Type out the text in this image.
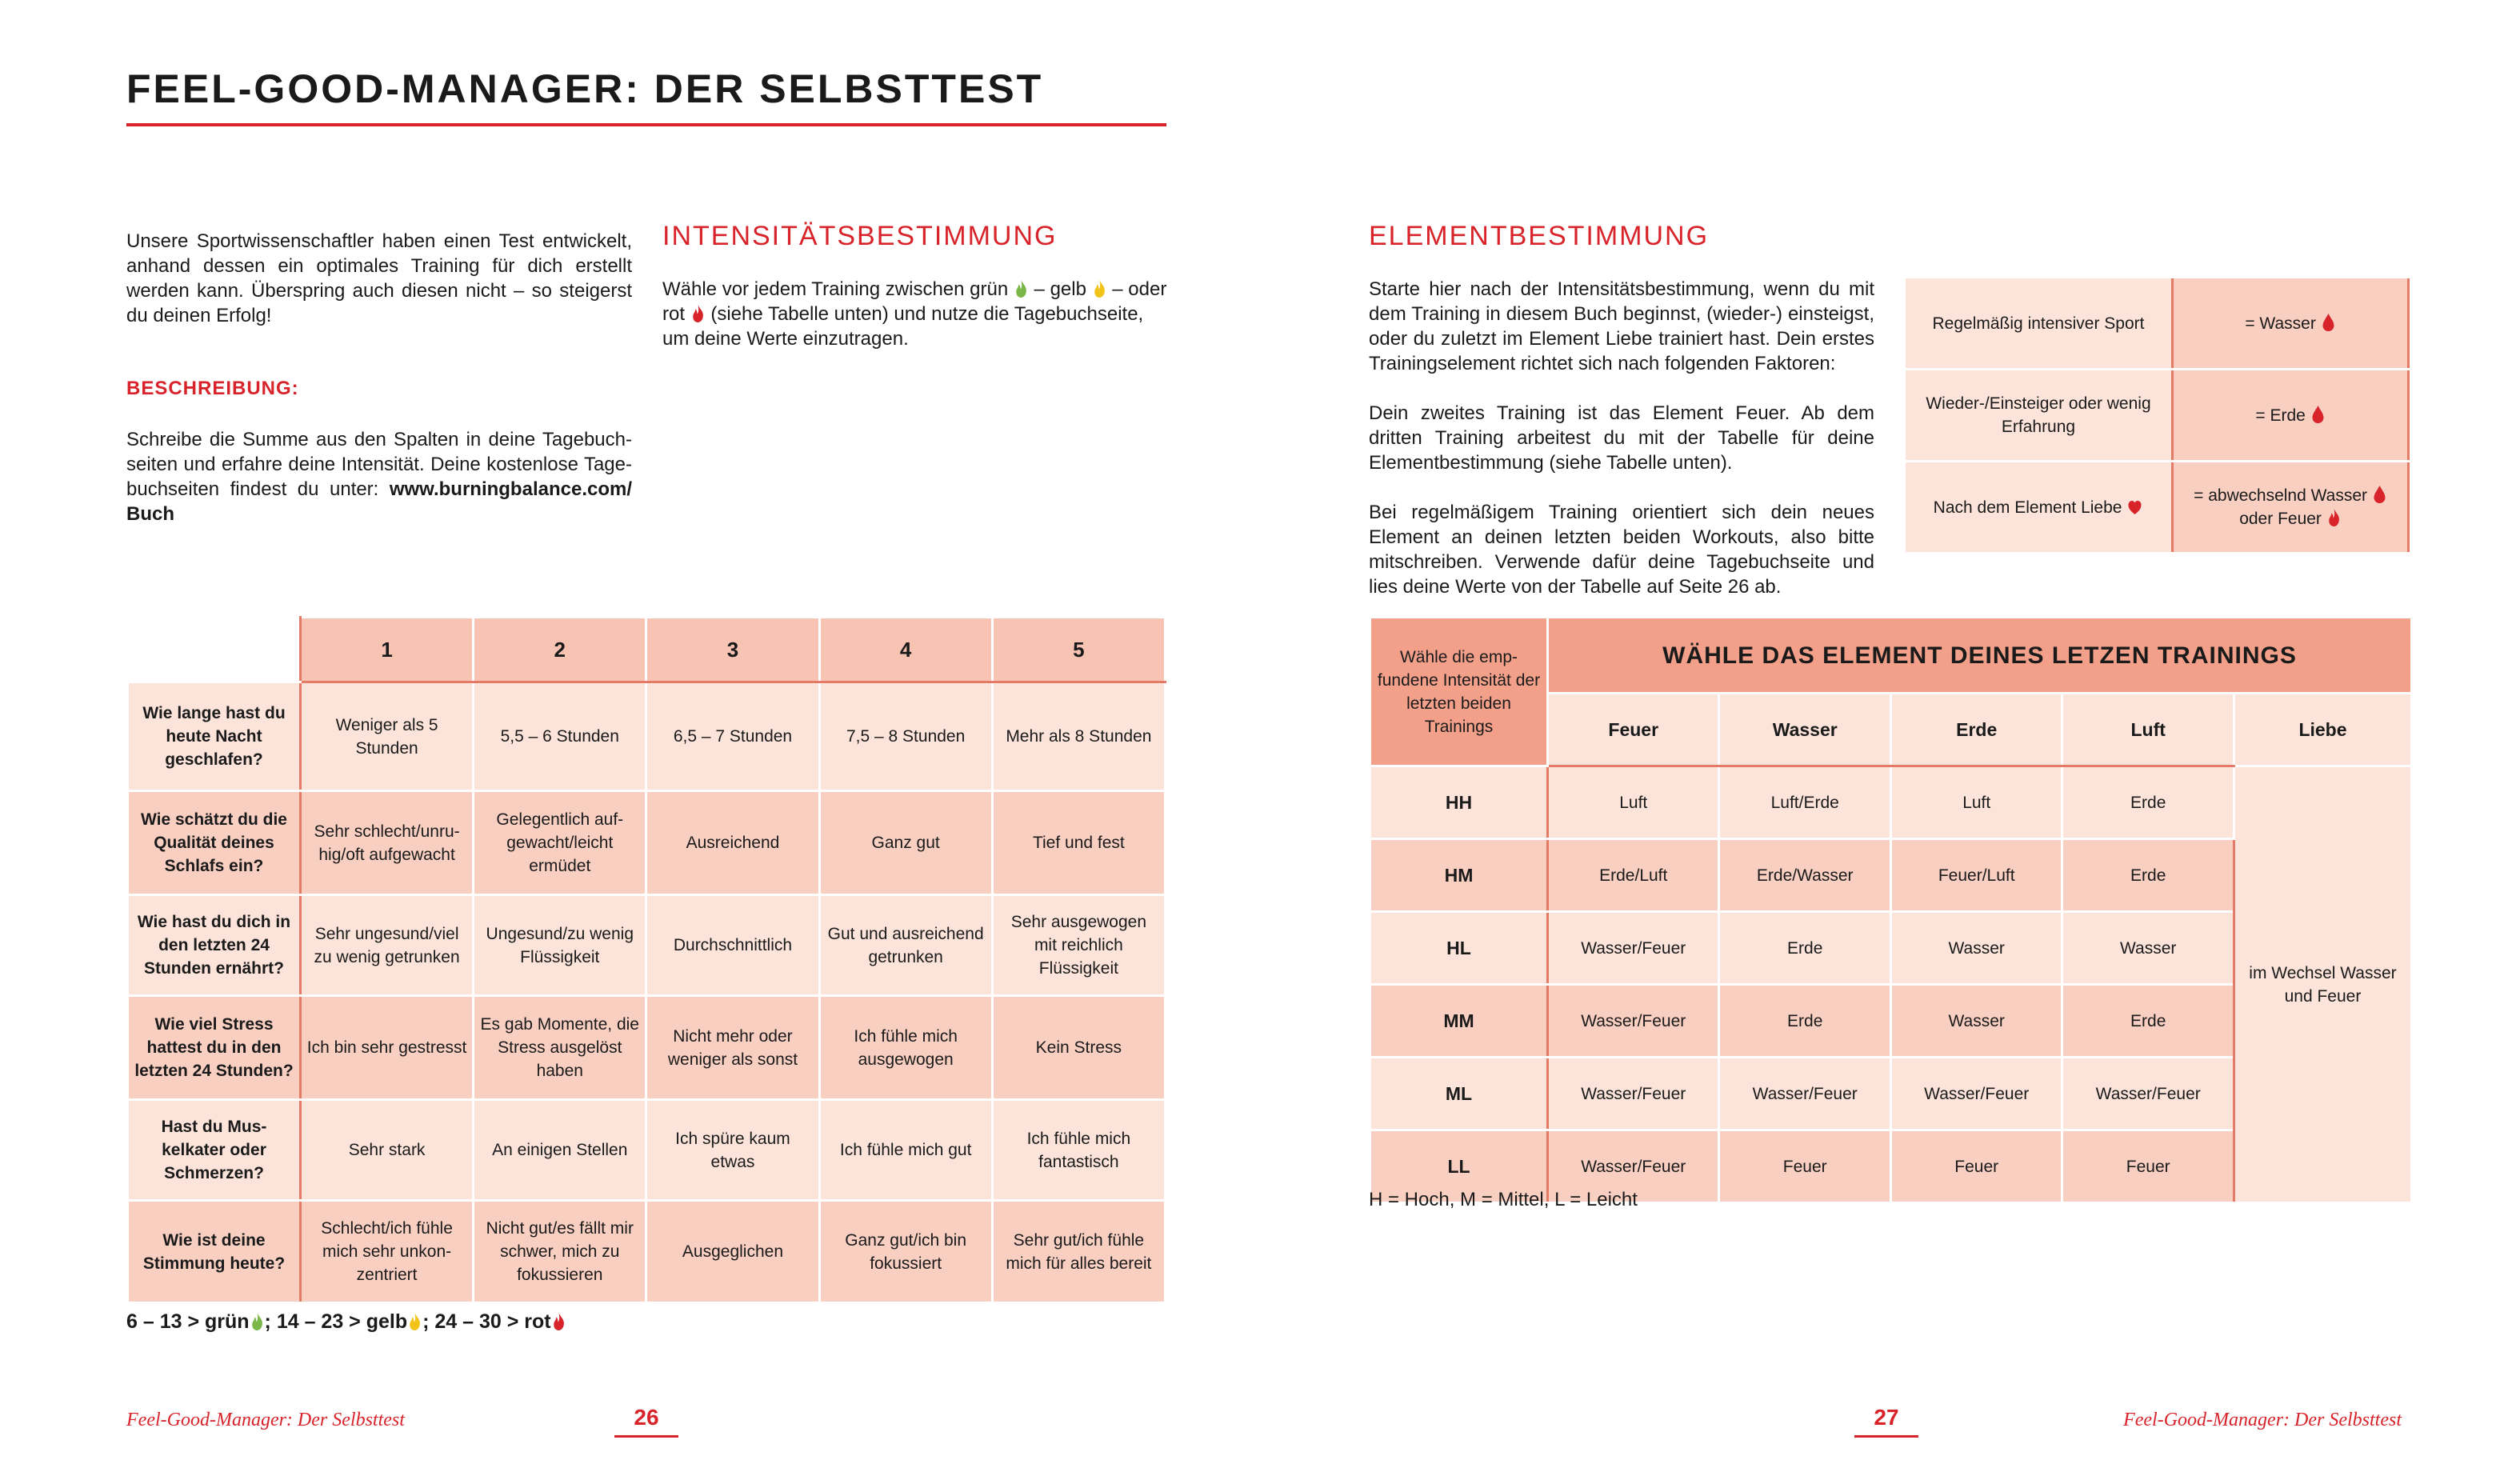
FEEL-GOOD-MANAGER: DER SELBSTTEST
Unsere Sportwissenschaftler haben einen Test entwickelt, anhand dessen ein optimales Training für dich erstellt werden kann. Überspring auch diesen nicht – so steigerst du deinen Erfolg!
BESCHREIBUNG:
Schreibe die Summe aus den Spalten in deine Tagebuchseiten und erfahre deine Intensität. Deine kostenlose Tagebuchseiten findest du unter: www.burningbalance.com/ Buch
INTENSITÄTSBESTIMMUNG
Wähle vor jedem Training zwischen grün – gelb – oder rot (siehe Tabelle unten) und nutze die Tagebuchseite, um deine Werte einzutragen.
ELEMENTBESTIMMUNG
Starte hier nach der Intensitätsbestimmung, wenn du mit dem Training in diesem Buch beginnst, (wieder-) einsteigst, oder du zuletzt im Element Liebe trainiert hast. Dein erstes Trainingselement richtet sich nach folgenden Faktoren:
Dein zweites Training ist das Element Feuer. Ab dem dritten Training arbeitest du mit der Tabelle für deine Elementbestimmung (siehe Tabelle unten).
Bei regelmäßigem Training orientiert sich dein neues Element an deinen letzten beiden Workouts, also bitte mitschreiben. Verwende dafür deine Tagebuchseite und lies deine Werte von der Tabelle auf Seite 26 ab.
Regelmäßig intensiver Sport	= Wasser
Wieder-/Einsteiger oder wenig Erfahrung	= Erde
Nach dem Element Liebe	= abwechselnd Wasser
oder Feuer
	1	2	3	4	5
Wie lange hast du heute Nacht geschlafen?	Weniger als 5 Stunden	5,5 – 6 Stunden	6,5 – 7 Stunden	7,5 – 8 Stunden	Mehr als 8 Stunden
Wie schätzt du die Qualität deines Schlafs ein?	Sehr schlecht/unruhig/oft aufgewacht	Gelegentlich aufgewacht/leicht ermüdet	Ausreichend	Ganz gut	Tief und fest
Wie hast du dich in den letzten 24 Stunden ernährt?	Sehr ungesund/viel zu wenig getrunken	Ungesund/zu wenig Flüssigkeit	Durchschnittlich	Gut und ausreichend getrunken	Sehr ausgewogen mit reichlich Flüssigkeit
Wie viel Stress hattest du in den letzten 24 Stunden?	Ich bin sehr gestresst	Es gab Momente, die Stress ausgelöst haben	Nicht mehr oder weniger als sonst	Ich fühle mich ausgewogen	Kein Stress
Hast du Muskelkater oder Schmerzen?	Sehr stark	An einigen Stellen	Ich spüre kaum etwas	Ich fühle mich gut	Ich fühle mich fantastisch
Wie ist deine Stimmung heute?	Schlecht/ich fühle mich sehr unkonzentriert	Nicht gut/es fällt mir schwer, mich zu fokussieren	Ausgeglichen	Ganz gut/ich bin fokussiert	Sehr gut/ich fühle mich für alles bereit
6 – 13 > grün ; 14 – 23 > gelb ; 24 – 30 > rot
Wähle die empfundene Intensität der letzten beiden Trainings	WÄHLE DAS ELEMENT DEINES LETZEN TRAININGS				
	Feuer	Wasser	Erde	Luft	Liebe
HH	Luft	Luft/Erde	Luft	Erde	im Wechsel Wasser und Feuer
HM	Erde/Luft	Erde/Wasser	Feuer/Luft	Erde	
HL	Wasser/Feuer	Erde	Wasser	Wasser	
MM	Wasser/Feuer	Erde	Wasser	Erde	
ML	Wasser/Feuer	Wasser/Feuer	Wasser/Feuer	Wasser/Feuer	
LL	Wasser/Feuer	Feuer	Feuer	Feuer	
H = Hoch, M = Mittel, L = Leicht
Feel-Good-Manager: Der Selbsttest	26	27	Feel-Good-Manager: Der Selbsttest
